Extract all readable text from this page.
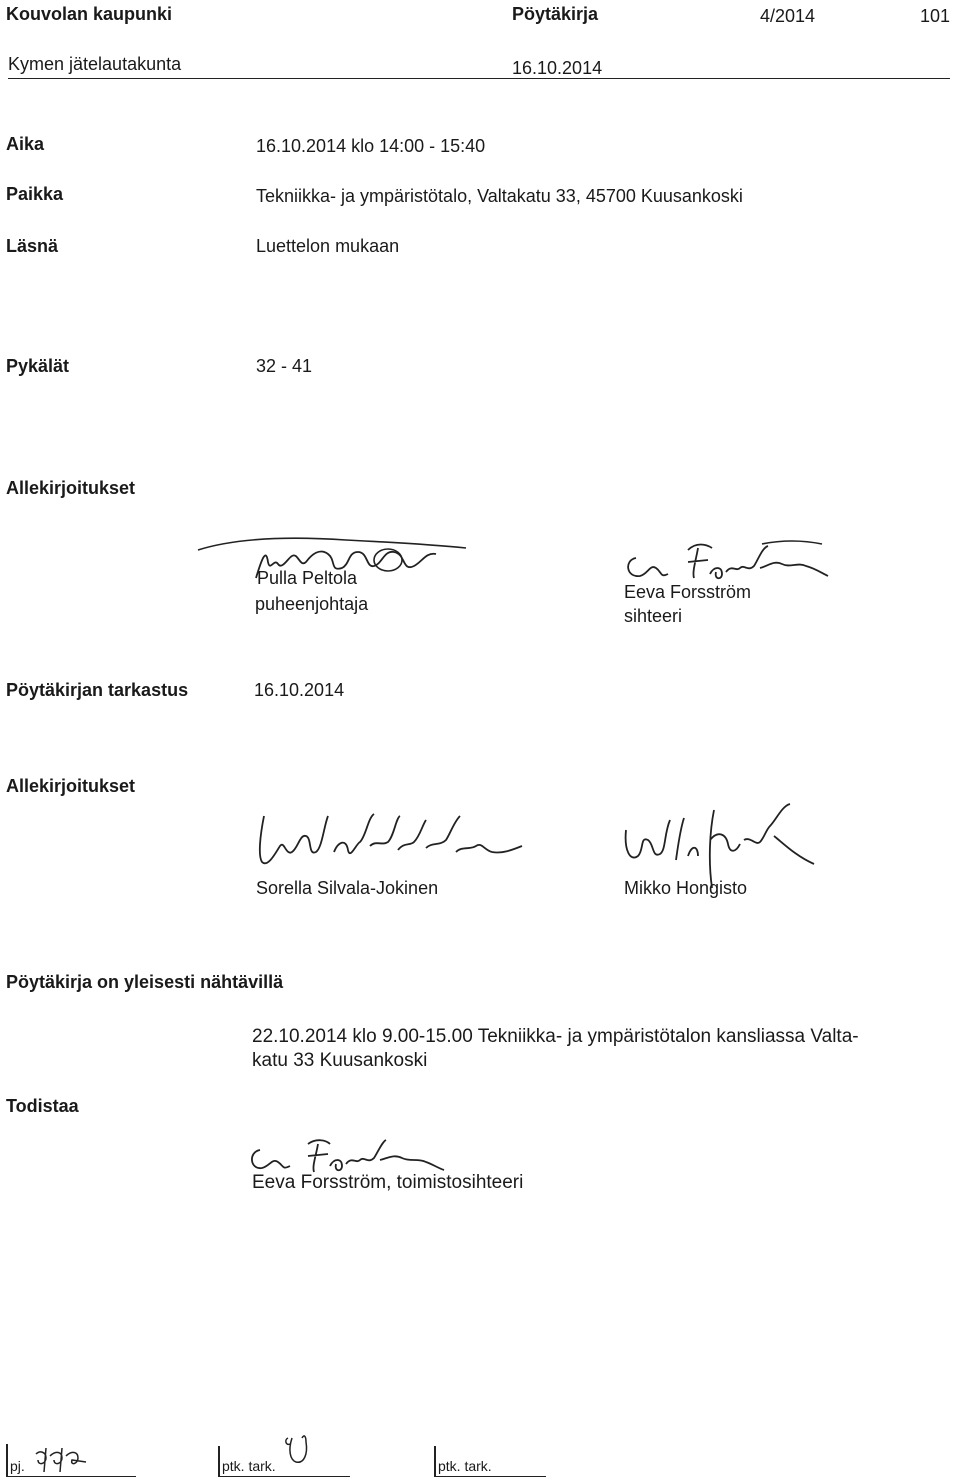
Kouvolan kaupunki	Pöytäkirja	4/2014	101
Kymen jätelautakunta	16.10.2014
Aika	16.10.2014 klo 14:00 - 15:40
Paikka	Tekniikka- ja ympäristötalo, Valtakatu 33, 45700 Kuusankoski
Läsnä	Luettelon mukaan
Pykälät	32 - 41
Allekirjoitukset
Pulla Peltola
puheenjohtaja
Eeva Forsström
sihteeri
Pöytäkirjan tarkastus	16.10.2014
Allekirjoitukset
Sorella Silvala-Jokinen	Mikko Hongisto
Pöytäkirja on yleisesti nähtävillä
22.10.2014 klo 9.00-15.00 Tekniikka- ja ympäristötalon kansliassa Valta-
katu 33 Kuusankoski
Todistaa
Eeva Forsström, toimistosihteeri
pj.	ptk. tark.	ptk. tark.
